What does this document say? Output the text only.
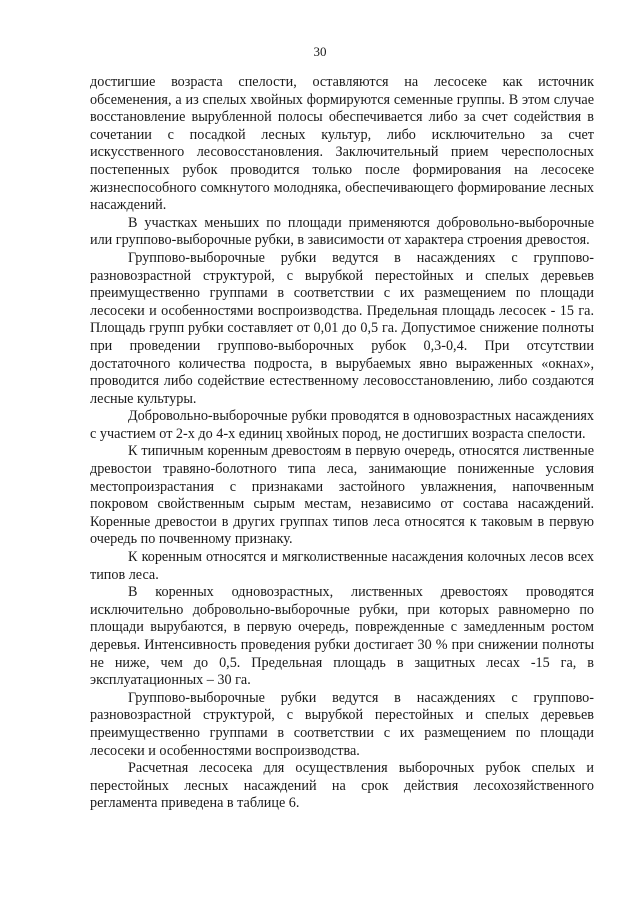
30

достигшие возраста спелости, оставляются на лесосеке как источник обсеменения, а из спелых хвойных формируются семенные группы. В этом случае восстановление вырубленной полосы обеспечивается либо за счет содействия в сочетании с посадкой лесных культур, либо исключительно за счет искусственного лесовосстановления. Заключительный прием чересполосных постепенных рубок проводится только после формирования на лесосеке жизнеспособного сомкнутого молодняка, обеспечивающего формирование лесных насаждений.

В участках меньших по площади применяются добровольно-выборочные или группово-выборочные рубки, в зависимости от характера строения древостоя.

Группово-выборочные рубки ведутся в насаждениях с группово-разновозрастной структурой, с вырубкой перестойных и спелых деревьев преимущественно группами в соответствии с их размещением по площади лесосеки и особенностями воспроизводства. Предельная площадь лесосек - 15 га. Площадь групп рубки составляет от 0,01 до 0,5 га. Допустимое снижение полноты при проведении группово-выборочных рубок 0,3-0,4. При отсутствии достаточного количества подроста, в вырубаемых явно выраженных «окнах», проводится либо содействие естественному лесовосстановлению, либо создаются лесные культуры.

Добровольно-выборочные рубки проводятся в одновозрастных насаждениях с участием от 2-х до 4-х единиц хвойных пород, не достигших возраста спелости.

К типичным коренным древостоям в первую очередь, относятся лиственные древостои травяно-болотного типа леса, занимающие пониженные условия местопроизрастания с признаками застойного увлажнения, напочвенным покровом свойственным сырым местам, независимо от состава насаждений. Коренные древостои в других группах типов леса относятся к таковым в первую очередь по почвенному признаку.

К коренным относятся и мягколиственные насаждения колочных лесов всех типов леса.

В коренных одновозрастных, лиственных древостоях проводятся исключительно добровольно-выборочные рубки, при которых равномерно по площади вырубаются, в первую очередь, поврежденные с замедленным ростом деревья. Интенсивность проведения рубки достигает 30 % при снижении полноты не ниже, чем до 0,5. Предельная площадь в защитных лесах -15 га, в эксплуатационных – 30 га.

Группово-выборочные рубки ведутся в насаждениях с группово-разновозрастной структурой, с вырубкой перестойных и спелых деревьев преимущественно группами в соответствии с их размещением по площади лесосеки и особенностями воспроизводства.

Расчетная лесосека для осуществления выборочных рубок спелых и перестойных лесных насаждений на срок действия лесохозяйственного регламента приведена в таблице 6.
